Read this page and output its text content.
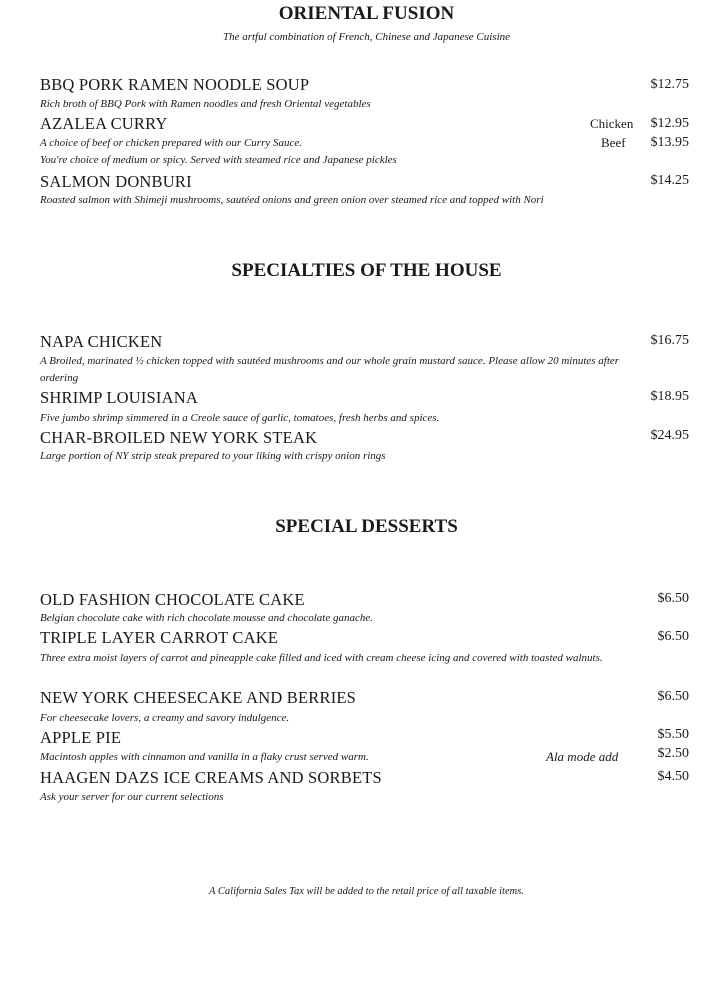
ORIENTAL FUSION

The artful combination of French, Chinese and Japanese Cuisine

BBQ PORK RAMEN NOODLE SOUP	$12.75

Rich broth of BBQ Pork with Ramen noodles and fresh Oriental vegetables

AZALEA CURRY	Chicken $12.95

A choice of beef or chicken prepared with our Curry Sauce.	Beef $13.95

You're choice of medium or spicy. Served with steamed rice and Japanese pickles

SALMON DONBURI	$14.25

Roasted salmon with Shimeji mushrooms, sautéed onions and green onion over steamed rice and topped with Nori

SPECIALTIES OF THE HOUSE

NAPA CHICKEN	$16.75

A Broiled, marinated ½ chicken topped with sautéed mushrooms and our whole grain mustard sauce. Please allow 20 minutes after ordering

SHRIMP LOUISIANA	$18.95

Five jumbo shrimp simmered in a Creole sauce of garlic, tomatoes, fresh herbs and spices.

CHAR-BROILED NEW YORK STEAK	$24.95

Large portion of NY strip steak prepared to your liking with crispy onion rings

SPECIAL DESSERTS

OLD FASHION CHOCOLATE CAKE	$6.50

Belgian chocolate cake with rich chocolate mousse and chocolate ganache.

TRIPLE LAYER CARROT CAKE	$6.50

Three extra moist layers of carrot and pineapple cake filled and iced with cream cheese icing and covered with toasted walnuts.

NEW YORK CHEESECAKE AND BERRIES	$6.50

For cheesecake lovers, a creamy and savory indulgence.

APPLE PIE	$5.50

Macintosh apples with cinnamon and vanilla in a flaky crust served warm.	Ala mode add	$2.50

HAAGEN DAZS ICE CREAMS AND SORBETS	$4.50

Ask your server for our current selections

A California Sales Tax will be added to the retail price of all taxable items.
